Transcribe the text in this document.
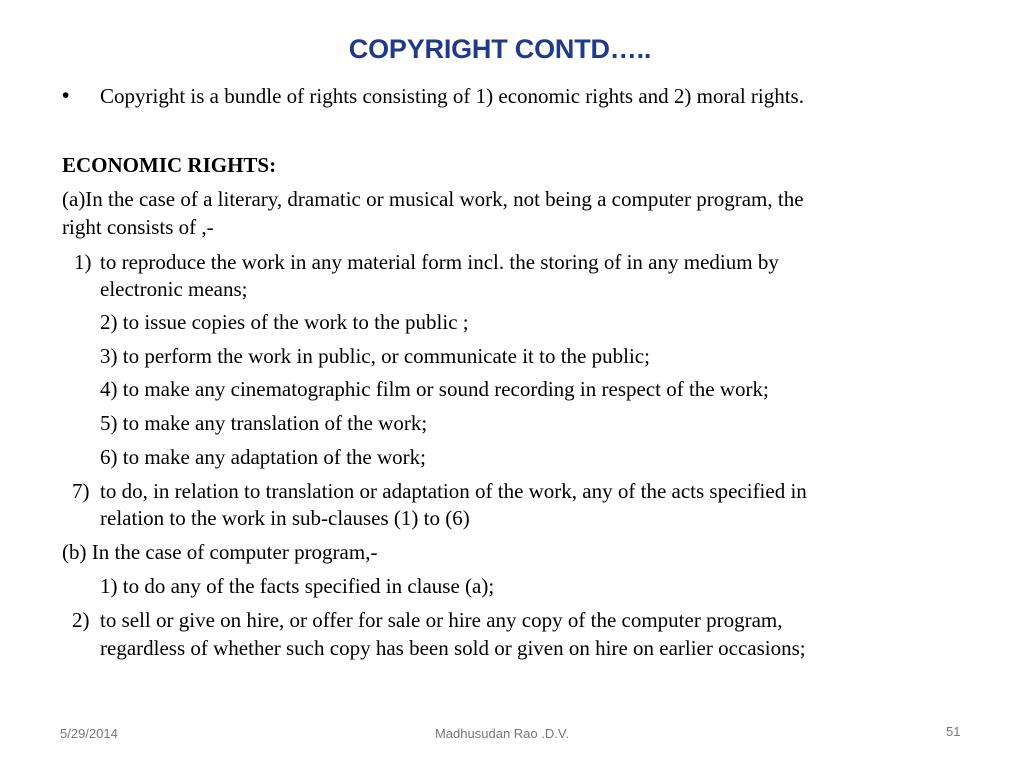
COPYRIGHT CONTD…..
• Copyright is a bundle of rights consisting of 1) economic rights and 2) moral rights.
ECONOMIC RIGHTS:
(a)In the case of a literary, dramatic or musical work, not being a computer program, the
right consists of ,-
1) to reproduce the work in any material form incl. the storing of in any medium by
electronic means;
2) to issue copies of the work to the public ;
3) to perform the work in public, or communicate it to the public;
4) to make any cinematographic film or sound recording in respect of the work;
5) to make any translation of the work;
6) to make any adaptation of the work;
7) to do, in relation to translation or adaptation of the work, any of the acts specified in
relation to the work in sub-clauses (1) to (6)
(b) In the case of computer program,-
1) to do any of the facts specified in clause (a);
2) to sell or give on hire, or offer for sale or hire any copy of the computer program,
regardless of whether such copy has been sold or given on hire on earlier occasions;
5/29/2014	Madhusudan Rao .D.V.	51
